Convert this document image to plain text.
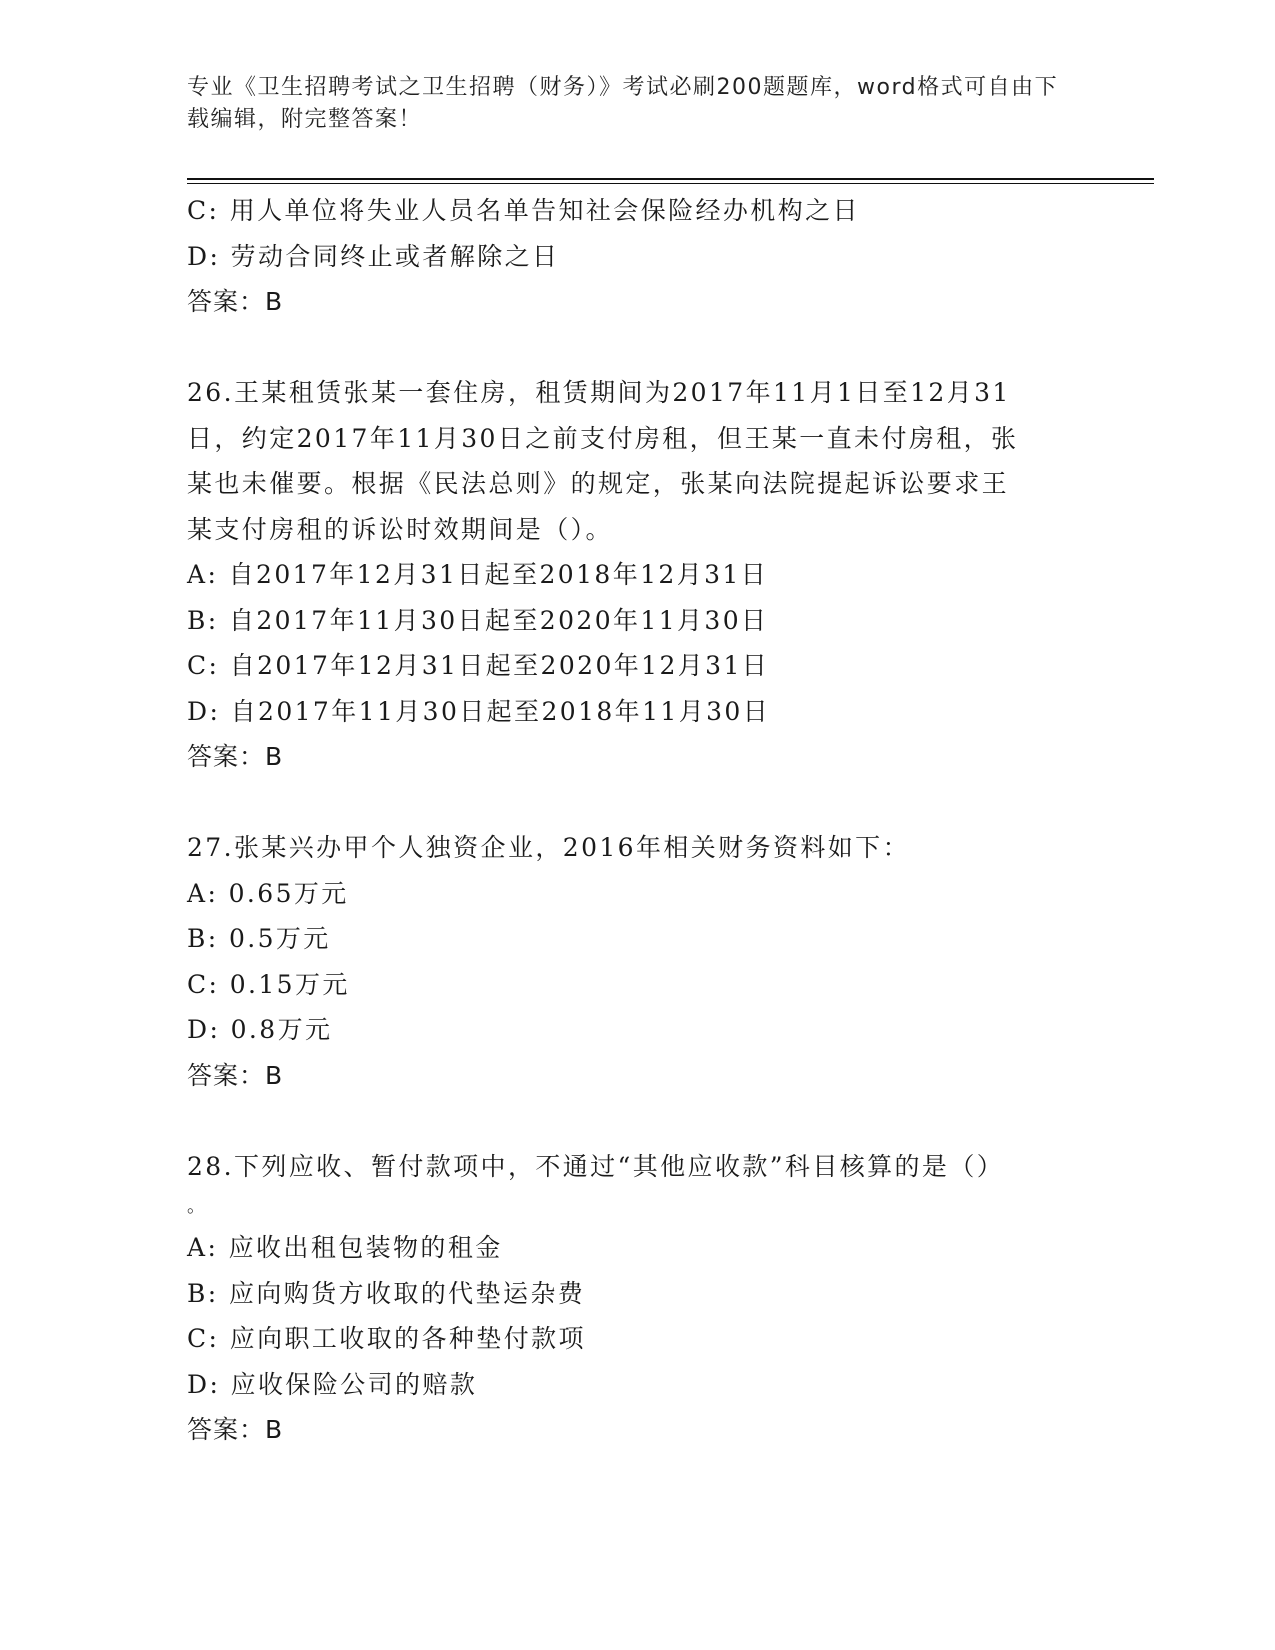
专业《卫生招聘考试之卫生招聘（财务）》考试必刷200题题库，word格式可自由下载编辑，附完整答案！
C: 用人单位将失业人员名单告知社会保险经办机构之日
D: 劳动合同终止或者解除之日
答案：B
26.王某租赁张某一套住房，租赁期间为2017年11月1日至12月31
日，约定2017年11月30日之前支付房租，但王某一直未付房租，张
某也未催要。根据《民法总则》的规定，张某向法院提起诉讼要求王
某支付房租的诉讼时效期间是（）。
A: 自2017年12月31日起至2018年12月31日
B: 自2017年11月30日起至2020年11月30日
C: 自2017年12月31日起至2020年12月31日
D: 自2017年11月30日起至2018年11月30日
答案：B
27.张某兴办甲个人独资企业，2016年相关财务资料如下：
A: 0.65万元
B: 0.5万元
C: 0.15万元
D: 0.8万元
答案：B
28.下列应收、暂付款项中，不通过“其他应收款”科目核算的是（）
。
A: 应收出租包装物的租金
B: 应向购货方收取的代垫运杂费
C: 应向职工收取的各种垫付款项
D: 应收保险公司的赔款
答案：B
